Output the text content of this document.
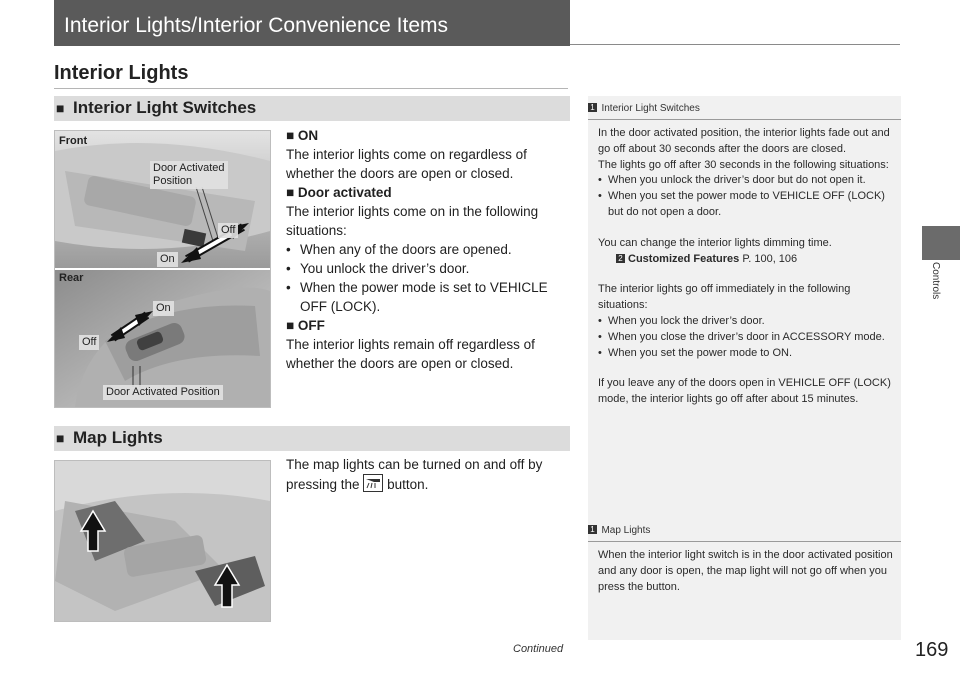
Interior Lights/Interior Convenience Items
Interior Lights
Controls
■ Interior Light Switches
Front
Door Activated
Position
Off
On
Rear
On
Off
Door Activated Position
■ ON
The interior lights come on regardless of whether the doors are open or closed.
■ Door activated
The interior lights come on in the following situations:
• When any of the doors are opened.
• You unlock the driver’s door.
• When the power mode is set to VEHICLE OFF (LOCK).
■ OFF
The interior lights remain off regardless of whether the doors are open or closed.
■ Map Lights
The map lights can be turned on and off by pressing the button.
1 Interior Light Switches
In the door activated position, the interior lights fade out and go off about 30 seconds after the doors are closed.
The lights go off after 30 seconds in the following situations:
• When you unlock the driver’s door but do not open it.
• When you set the power mode to VEHICLE OFF (LOCK) but do not open a door.
You can change the interior lights dimming time.
2 Customized Features P. 100, 106
The interior lights go off immediately in the following situations:
• When you lock the driver’s door.
• When you close the driver’s door in ACCESSORY mode.
• When you set the power mode to ON.
If you leave any of the doors open in VEHICLE OFF (LOCK) mode, the interior lights go off after about 15 minutes.
1 Map Lights
When the interior light switch is in the door activated position and any door is open, the map light will not go off when you press the button.
Continued	169
